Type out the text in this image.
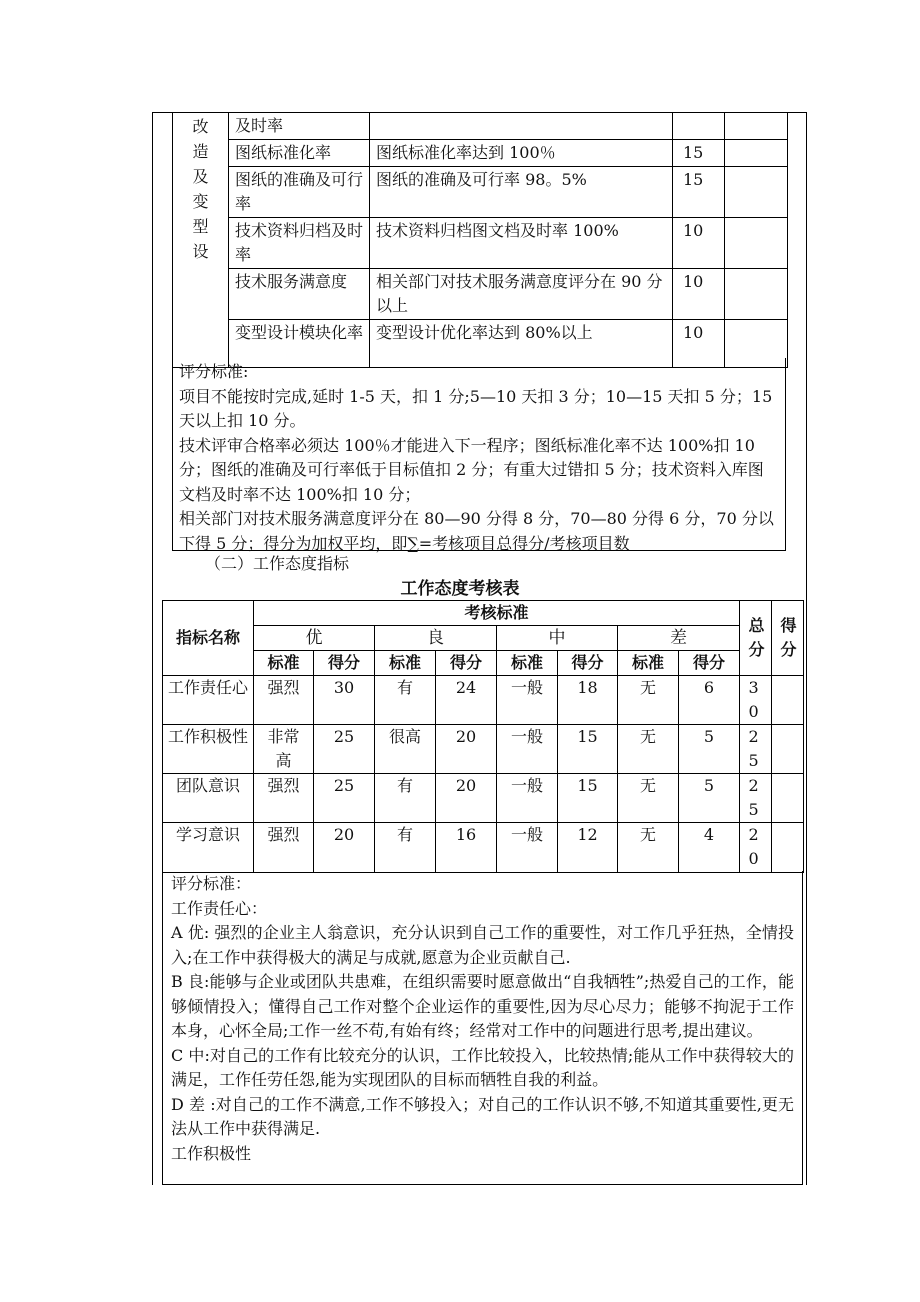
改造及变型设	及时率			
	图纸标准化率	图纸标准化率达到 100％	15	
	图纸的准确及可行率	图纸的准确及可行率 98。5%	15	
	技术资料归档及时率	技术资料归档图文档及时率 100%	10	
	技术服务满意度	相关部门对技术服务满意度评分在 90 分以上	10	
	变型设计模块化率	变型设计优化率达到 80%以上	10	

评分标准:

项目不能按时完成,延时 1-5 天，扣 1 分;5—10 天扣 3 分；10—15 天扣 5 分；15 天以上扣 10 分。

技术评审合格率必须达 100％才能进入下一程序；图纸标准化率不达 100%扣 10 分；图纸的准确及可行率低于目标值扣 2 分；有重大过错扣 5 分；技术资料入库图文档及时率不达 100%扣 10 分；

相关部门对技术服务满意度评分在 80—90 分得 8 分，70—80 分得 6 分，70 分以下得 5 分；得分为加权平均，即∑=考核项目总得分/考核项目数

（二）工作态度指标
工作态度考核表
指标名称	考核标准								总分	得分

	优		良		中		差			
	标准	得分	标准	得分	标准	得分	标准	得分		
工作责任心	强烈	30	有	24	一般	18	无	6	30	

工作积极性	非常高	25	很高	20	一般	15	无	5	25	

团队意识	强烈	25	有	20	一般	15	无	5	25	

学习意识	强烈	20	有	16	一般	12	无	4	20	

评分标准：

工作责任心：

A 优: 强烈的企业主人翁意识，充分认识到自己工作的重要性，对工作几乎狂热，全情投入;在工作中获得极大的满足与成就,愿意为企业贡献自己.

B 良:能够与企业或团队共患难，在组织需要时愿意做出“自我牺牲”;热爱自己的工作，能够倾情投入；懂得自己工作对整个企业运作的重要性,因为尽心尽力；能够不拘泥于工作本身，心怀全局;工作一丝不苟,有始有终；经常对工作中的问题进行思考,提出建议。

C 中:对自己的工作有比较充分的认识，工作比较投入，比较热情;能从工作中获得较大的满足，工作任劳任怨,能为实现团队的目标而牺牲自我的利益。

D 差 :对自己的工作不满意,工作不够投入；对自己的工作认识不够,不知道其重要性,更无法从工作中获得满足.

工作积极性
